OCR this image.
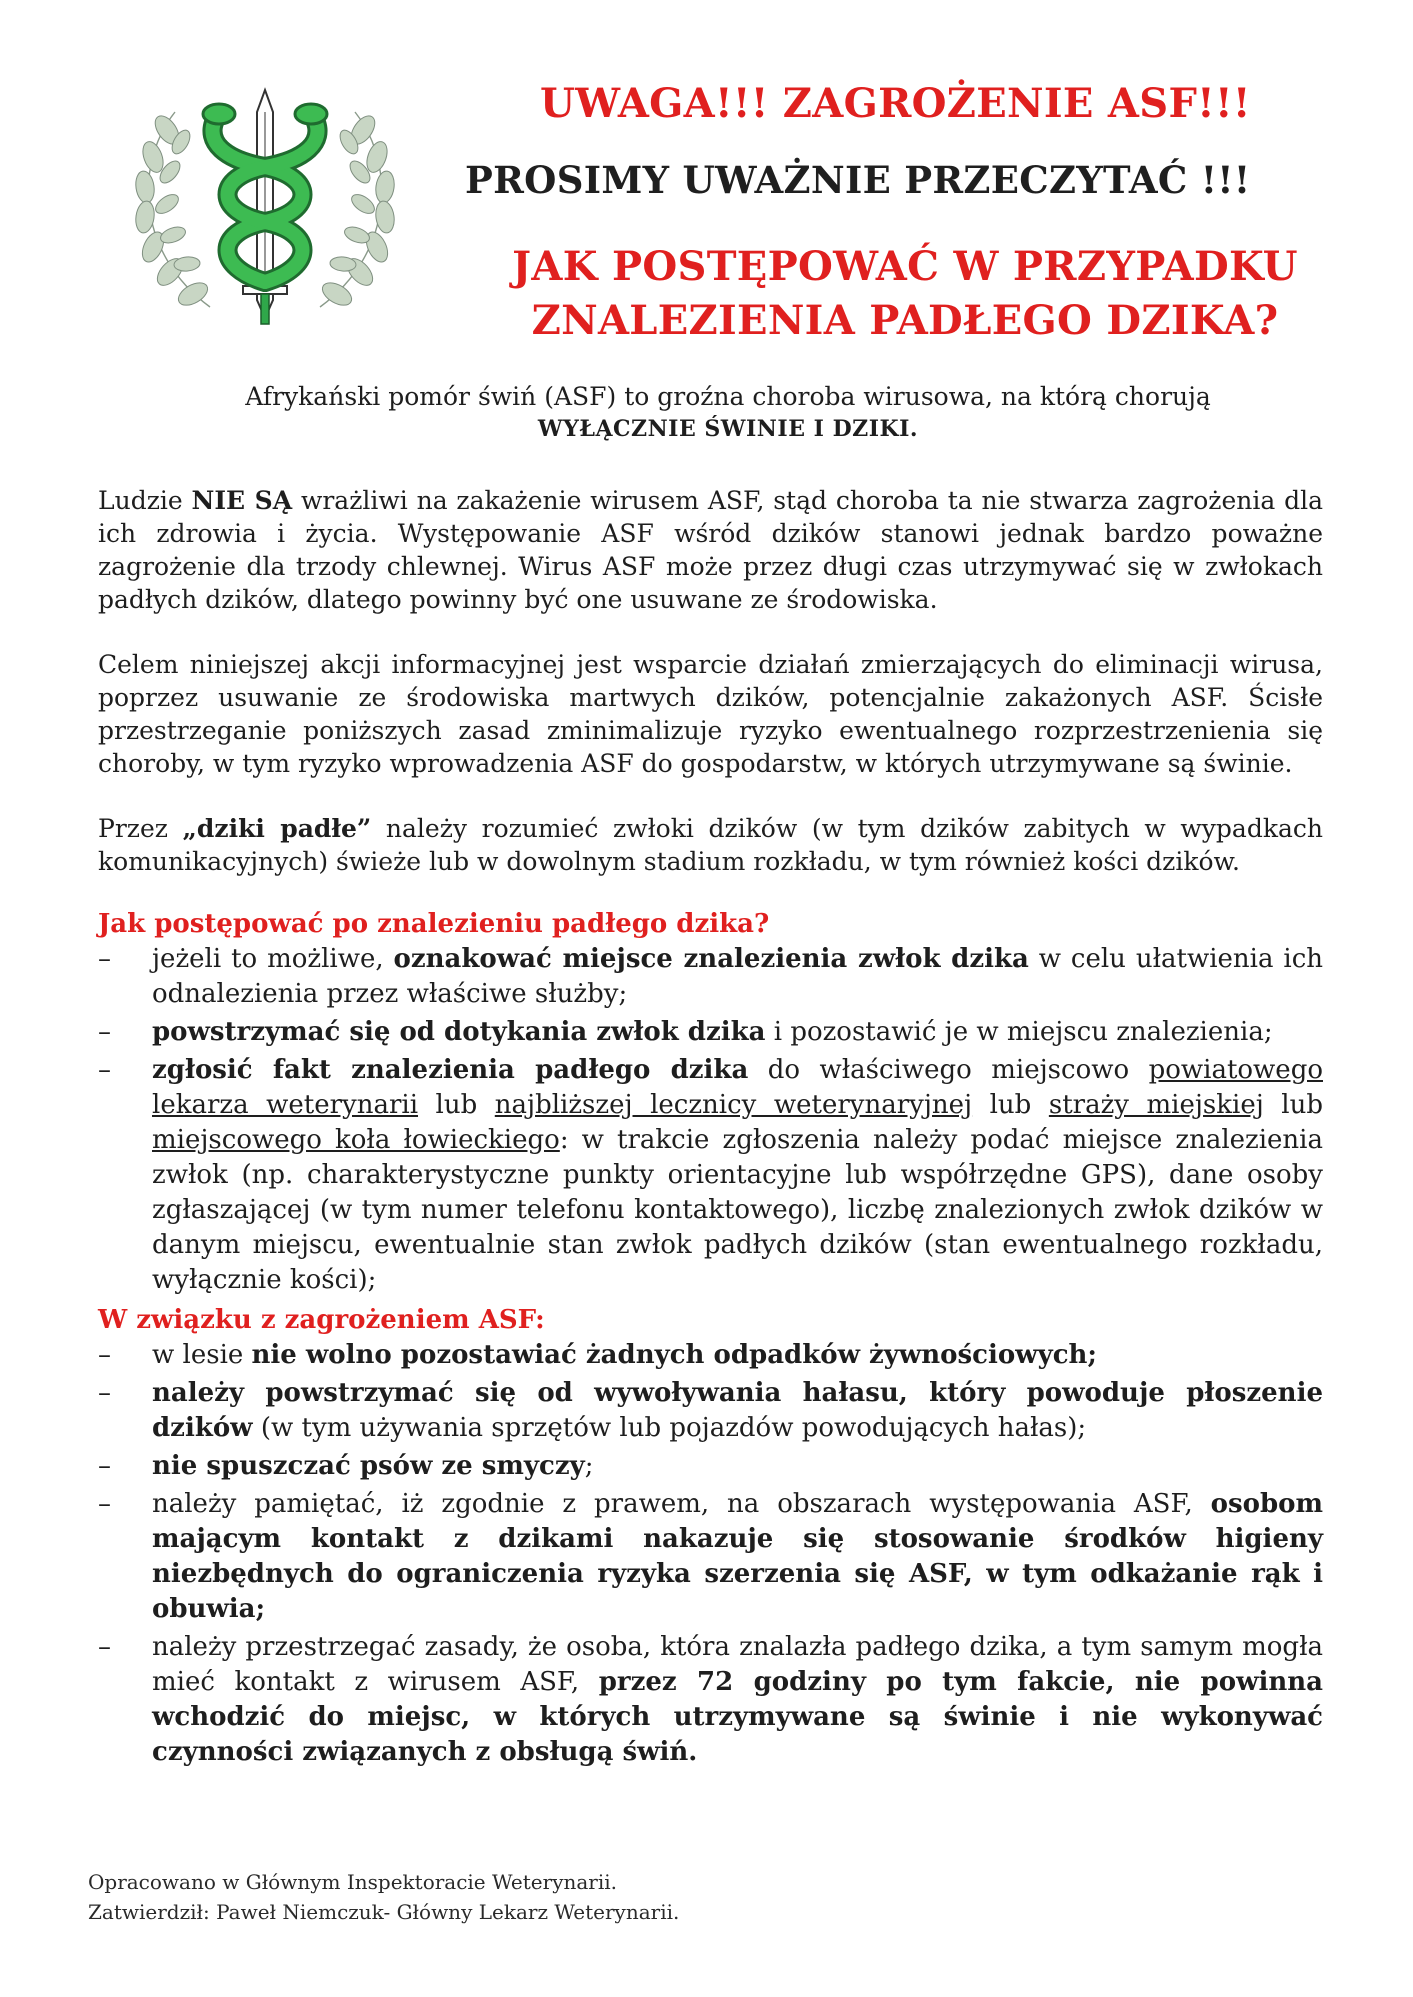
UWAGA!!! ZAGROŻENIE ASF!!!
PROSIMY UWAŻNIE PRZECZYTAĆ !!!
JAK POSTĘPOWAĆ W PRZYPADKU
ZNALEZIENIA PADŁEGO DZIKA?

Afrykański pomór świń (ASF) to groźna choroba wirusowa, na którą chorują
WYŁĄCZNIE ŚWINIE I DZIKI.

Ludzie NIE SĄ wrażliwi na zakażenie wirusem ASF, stąd choroba ta nie stwarza zagrożenia dla ich zdrowia i życia. Występowanie ASF wśród dzików stanowi jednak bardzo poważne zagrożenie dla trzody chlewnej. Wirus ASF może przez długi czas utrzymywać się w zwłokach padłych dzików, dlatego powinny być one usuwane ze środowiska.

Celem niniejszej akcji informacyjnej jest wsparcie działań zmierzających do eliminacji wirusa, poprzez usuwanie ze środowiska martwych dzików, potencjalnie zakażonych ASF. Ścisłe przestrzeganie poniższych zasad zminimalizuje ryzyko ewentualnego rozprzestrzenienia się choroby, w tym ryzyko wprowadzenia ASF do gospodarstw, w których utrzymywane są świnie.

Przez „dziki padłe” należy rozumieć zwłoki dzików (w tym dzików zabitych w wypadkach komunikacyjnych) świeże lub w dowolnym stadium rozkładu, w tym również kości dzików.

Jak postępować po znalezieniu padłego dzika?
– jeżeli to możliwe, oznakować miejsce znalezienia zwłok dzika w celu ułatwienia ich odnalezienia przez właściwe służby;
– powstrzymać się od dotykania zwłok dzika i pozostawić je w miejscu znalezienia;
– zgłosić fakt znalezienia padłego dzika do właściwego miejscowo powiatowego lekarza weterynarii lub najbliższej lecznicy weterynaryjnej lub straży miejskiej lub miejscowego koła łowieckiego: w trakcie zgłoszenia należy podać miejsce znalezienia zwłok (np. charakterystyczne punkty orientacyjne lub współrzędne GPS), dane osoby zgłaszającej (w tym numer telefonu kontaktowego), liczbę znalezionych zwłok dzików w danym miejscu, ewentualnie stan zwłok padłych dzików (stan ewentualnego rozkładu, wyłącznie kości);
W związku z zagrożeniem ASF:
– w lesie nie wolno pozostawiać żadnych odpadków żywnościowych;
– należy powstrzymać się od wywoływania hałasu, który powoduje płoszenie dzików (w tym używania sprzętów lub pojazdów powodujących hałas);
– nie spuszczać psów ze smyczy;
– należy pamiętać, iż zgodnie z prawem, na obszarach występowania ASF, osobom mającym kontakt z dzikami nakazuje się stosowanie środków higieny niezbędnych do ograniczenia ryzyka szerzenia się ASF, w tym odkażanie rąk i obuwia;
– należy przestrzegać zasady, że osoba, która znalazła padłego dzika, a tym samym mogła mieć kontakt z wirusem ASF, przez 72 godziny po tym fakcie, nie powinna wchodzić do miejsc, w których utrzymywane są świnie i nie wykonywać czynności związanych z obsługą świń.
Opracowano w Głównym Inspektoracie Weterynarii.
Zatwierdził: Paweł Niemczuk- Główny Lekarz Weterynarii.
